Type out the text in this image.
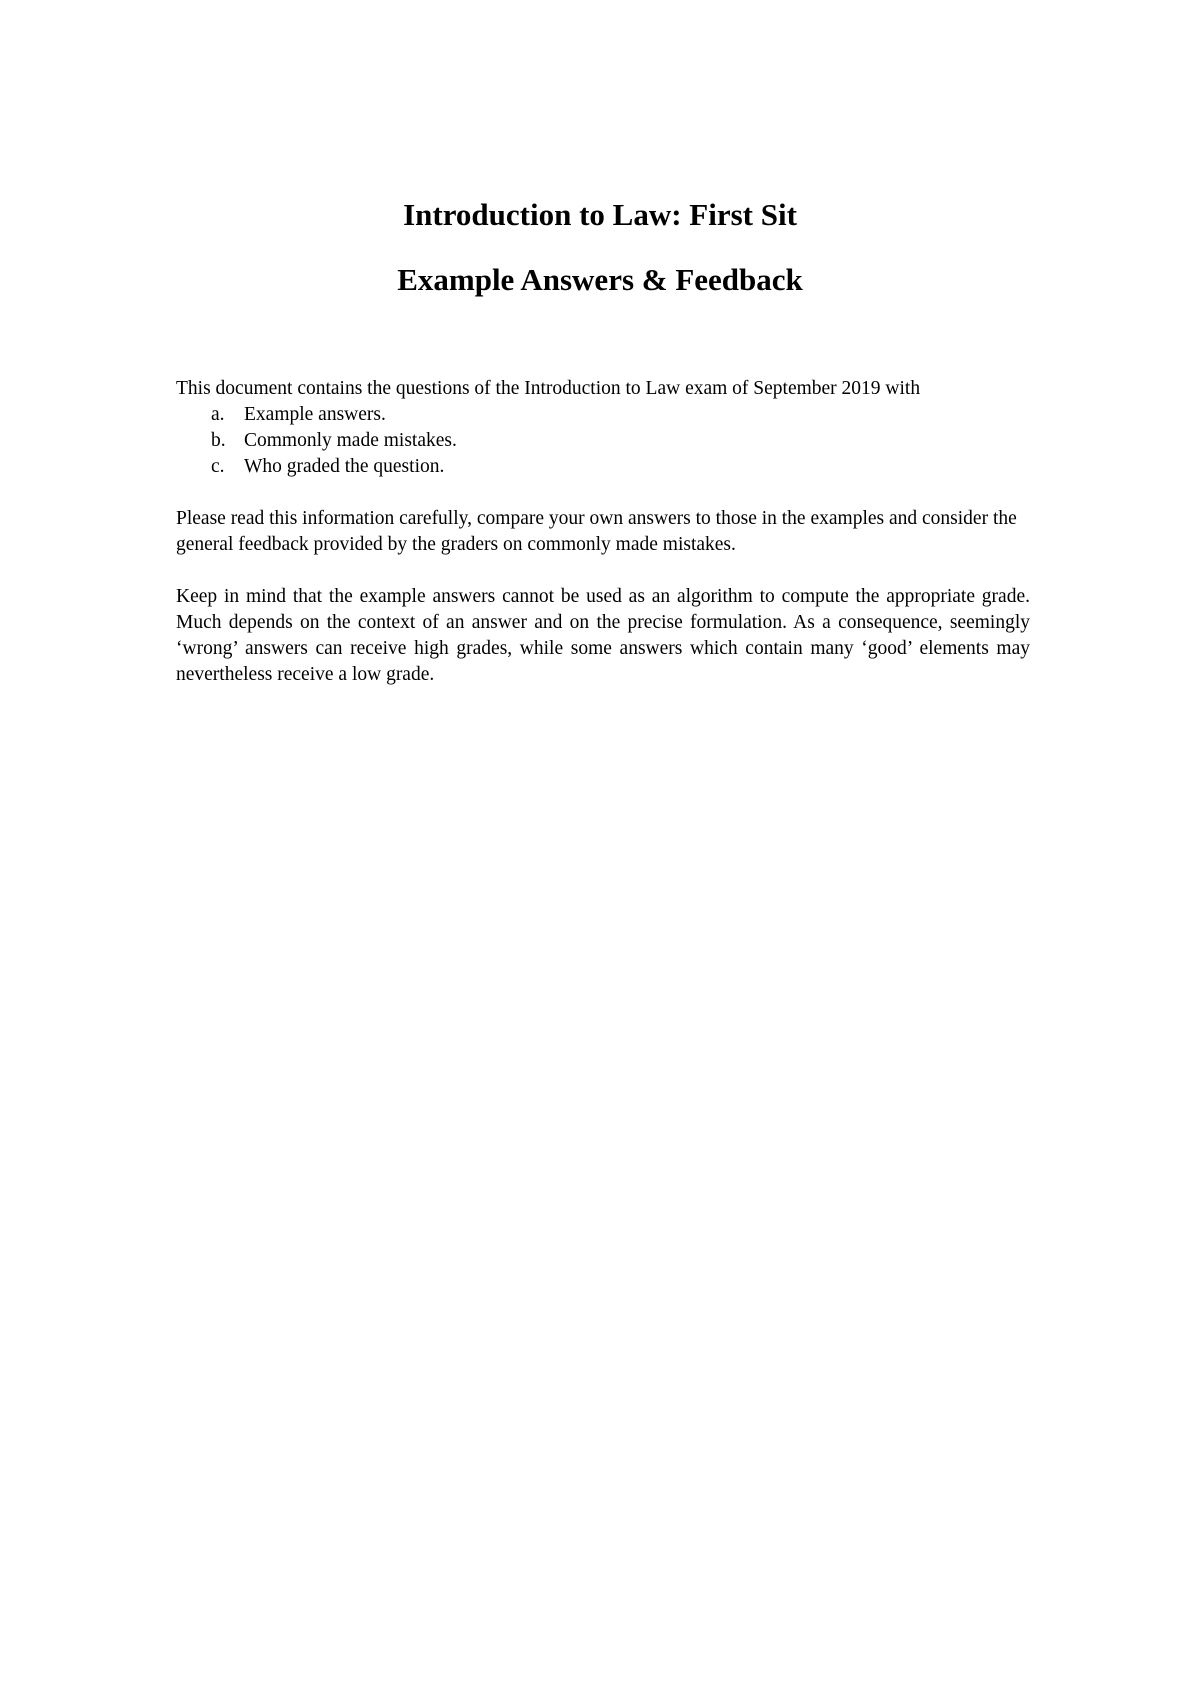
Introduction to Law: First Sit
Example Answers & Feedback

This document contains the questions of the Introduction to Law exam of September 2019 with

a. Example answers.
b. Commonly made mistakes.
c. Who graded the question.

Please read this information carefully, compare your own answers to those in the examples and consider the general feedback provided by the graders on commonly made mistakes.

Keep in mind that the example answers cannot be used as an algorithm to compute the appropriate grade. Much depends on the context of an answer and on the precise formulation. As a consequence, seemingly ‘wrong’ answers can receive high grades, while some answers which contain many ‘good’ elements may nevertheless receive a low grade.
